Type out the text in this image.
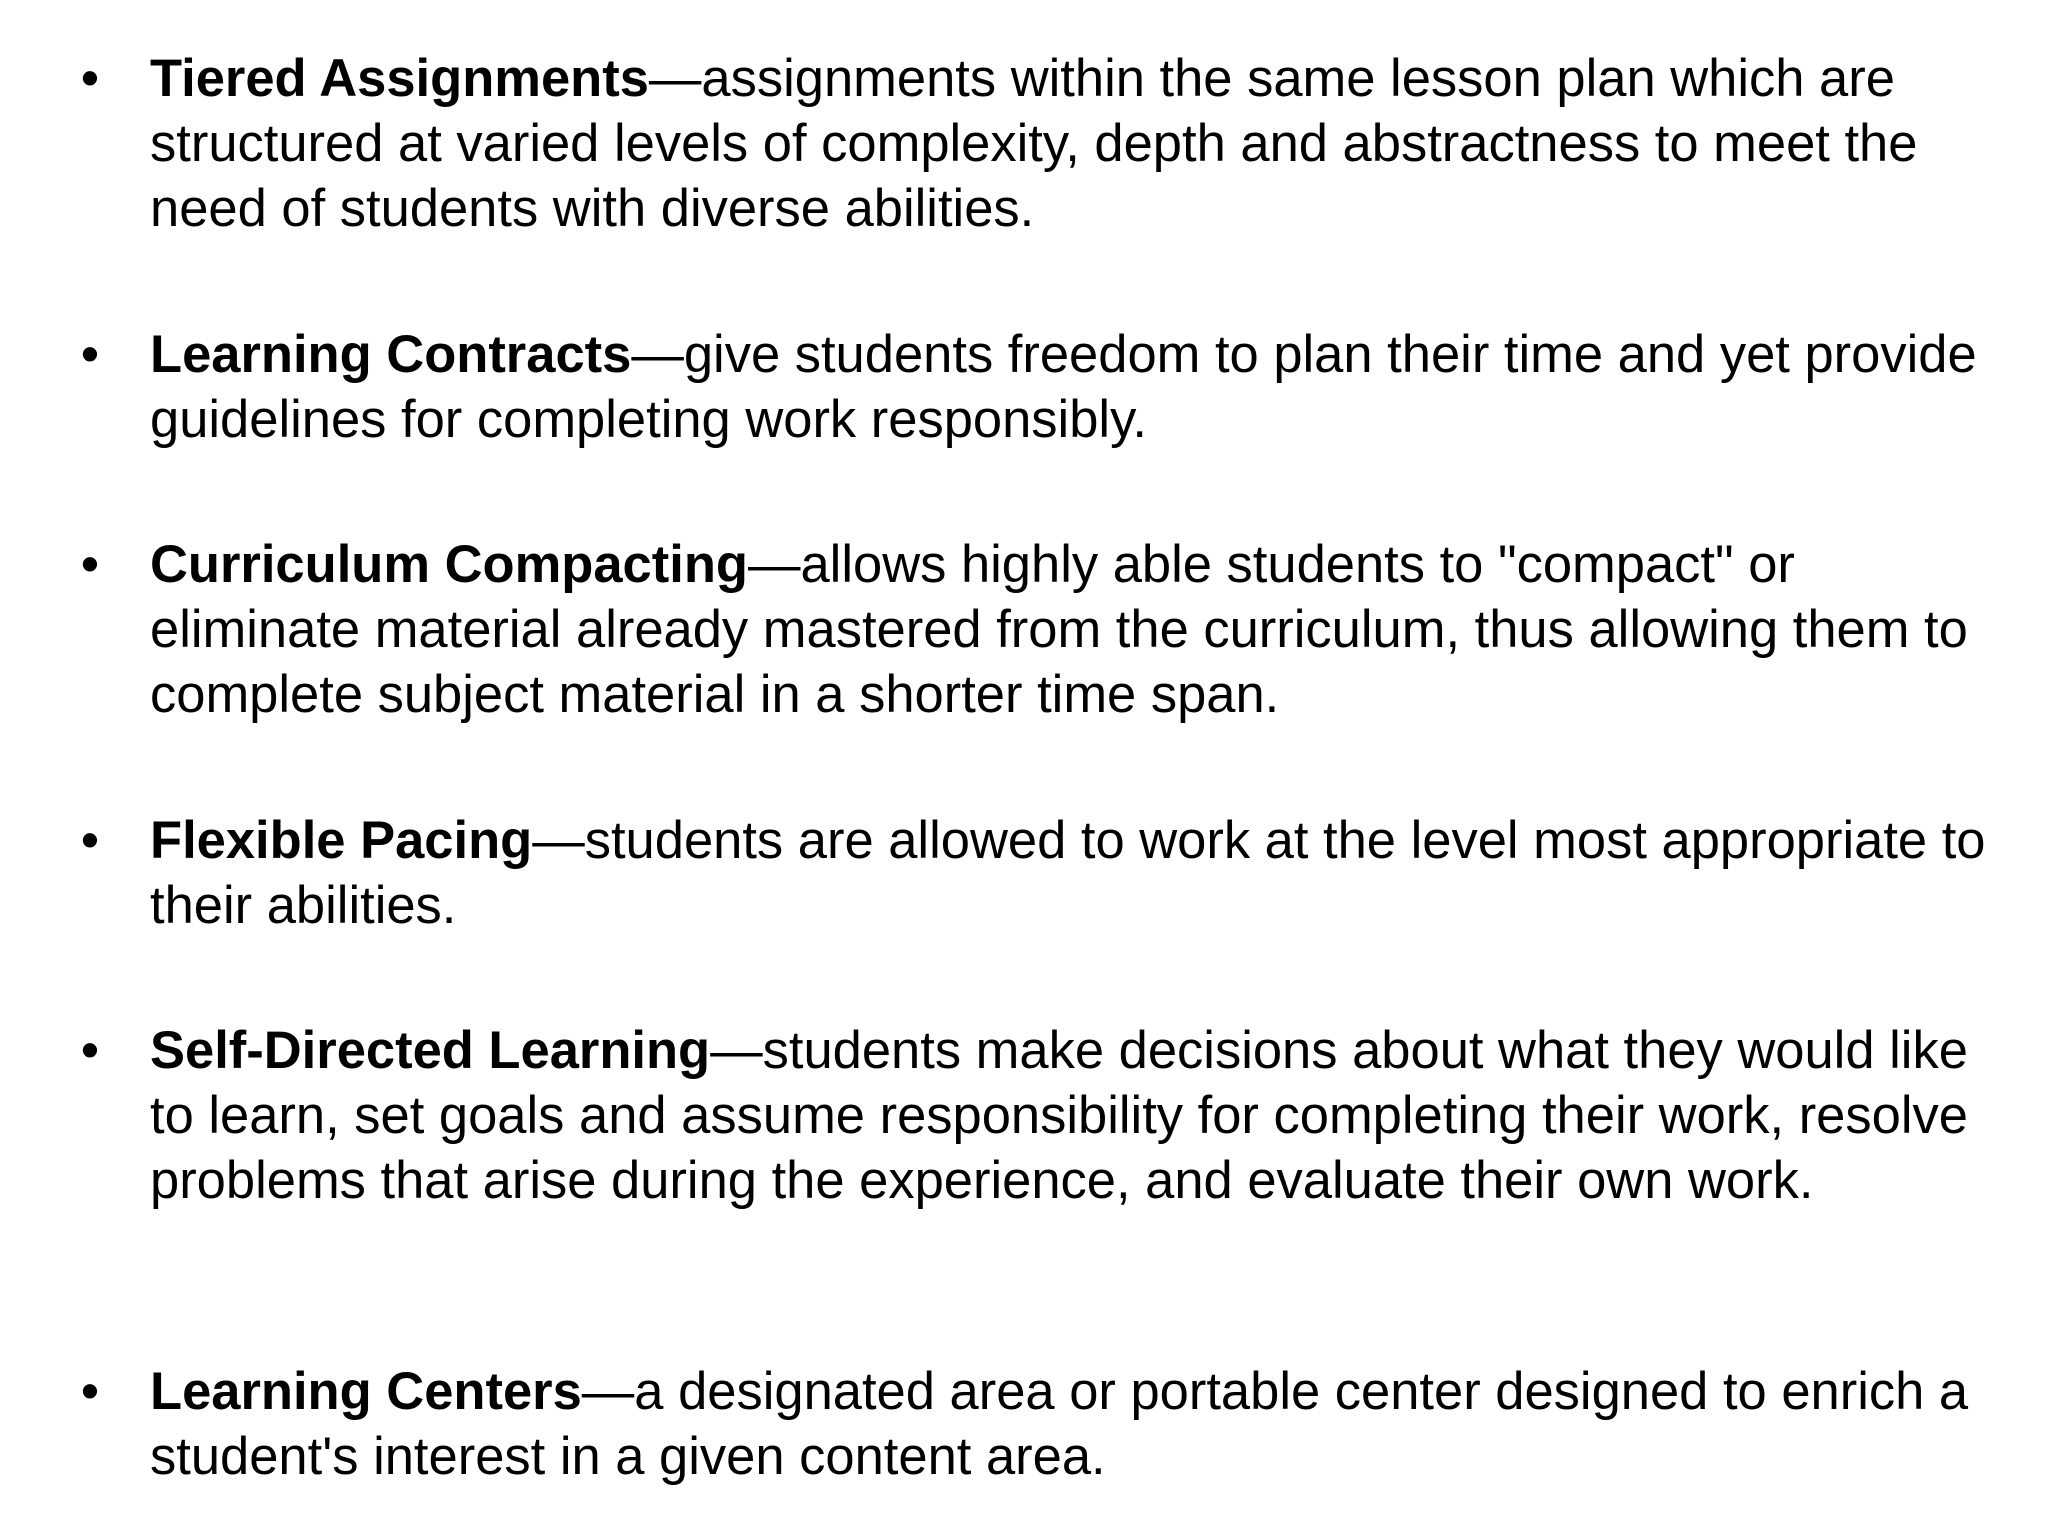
• Tiered Assignments—assignments within the same lesson plan which are structured at varied levels of complexity, depth and abstractness to meet the need of students with diverse abilities.
• Learning Contracts—give students freedom to plan their time and yet provide guidelines for completing work responsibly.
• Curriculum Compacting—allows highly able students to "compact" or eliminate material already mastered from the curriculum, thus allowing them to complete subject material in a shorter time span.
• Flexible Pacing—students are allowed to work at the level most appropriate to their abilities.
• Self-Directed Learning—students make decisions about what they would like to learn, set goals and assume responsibility for completing their work, resolve problems that arise during the experience, and evaluate their own work.
• Learning Centers—a designated area or portable center designed to enrich a student's interest in a given content area.
